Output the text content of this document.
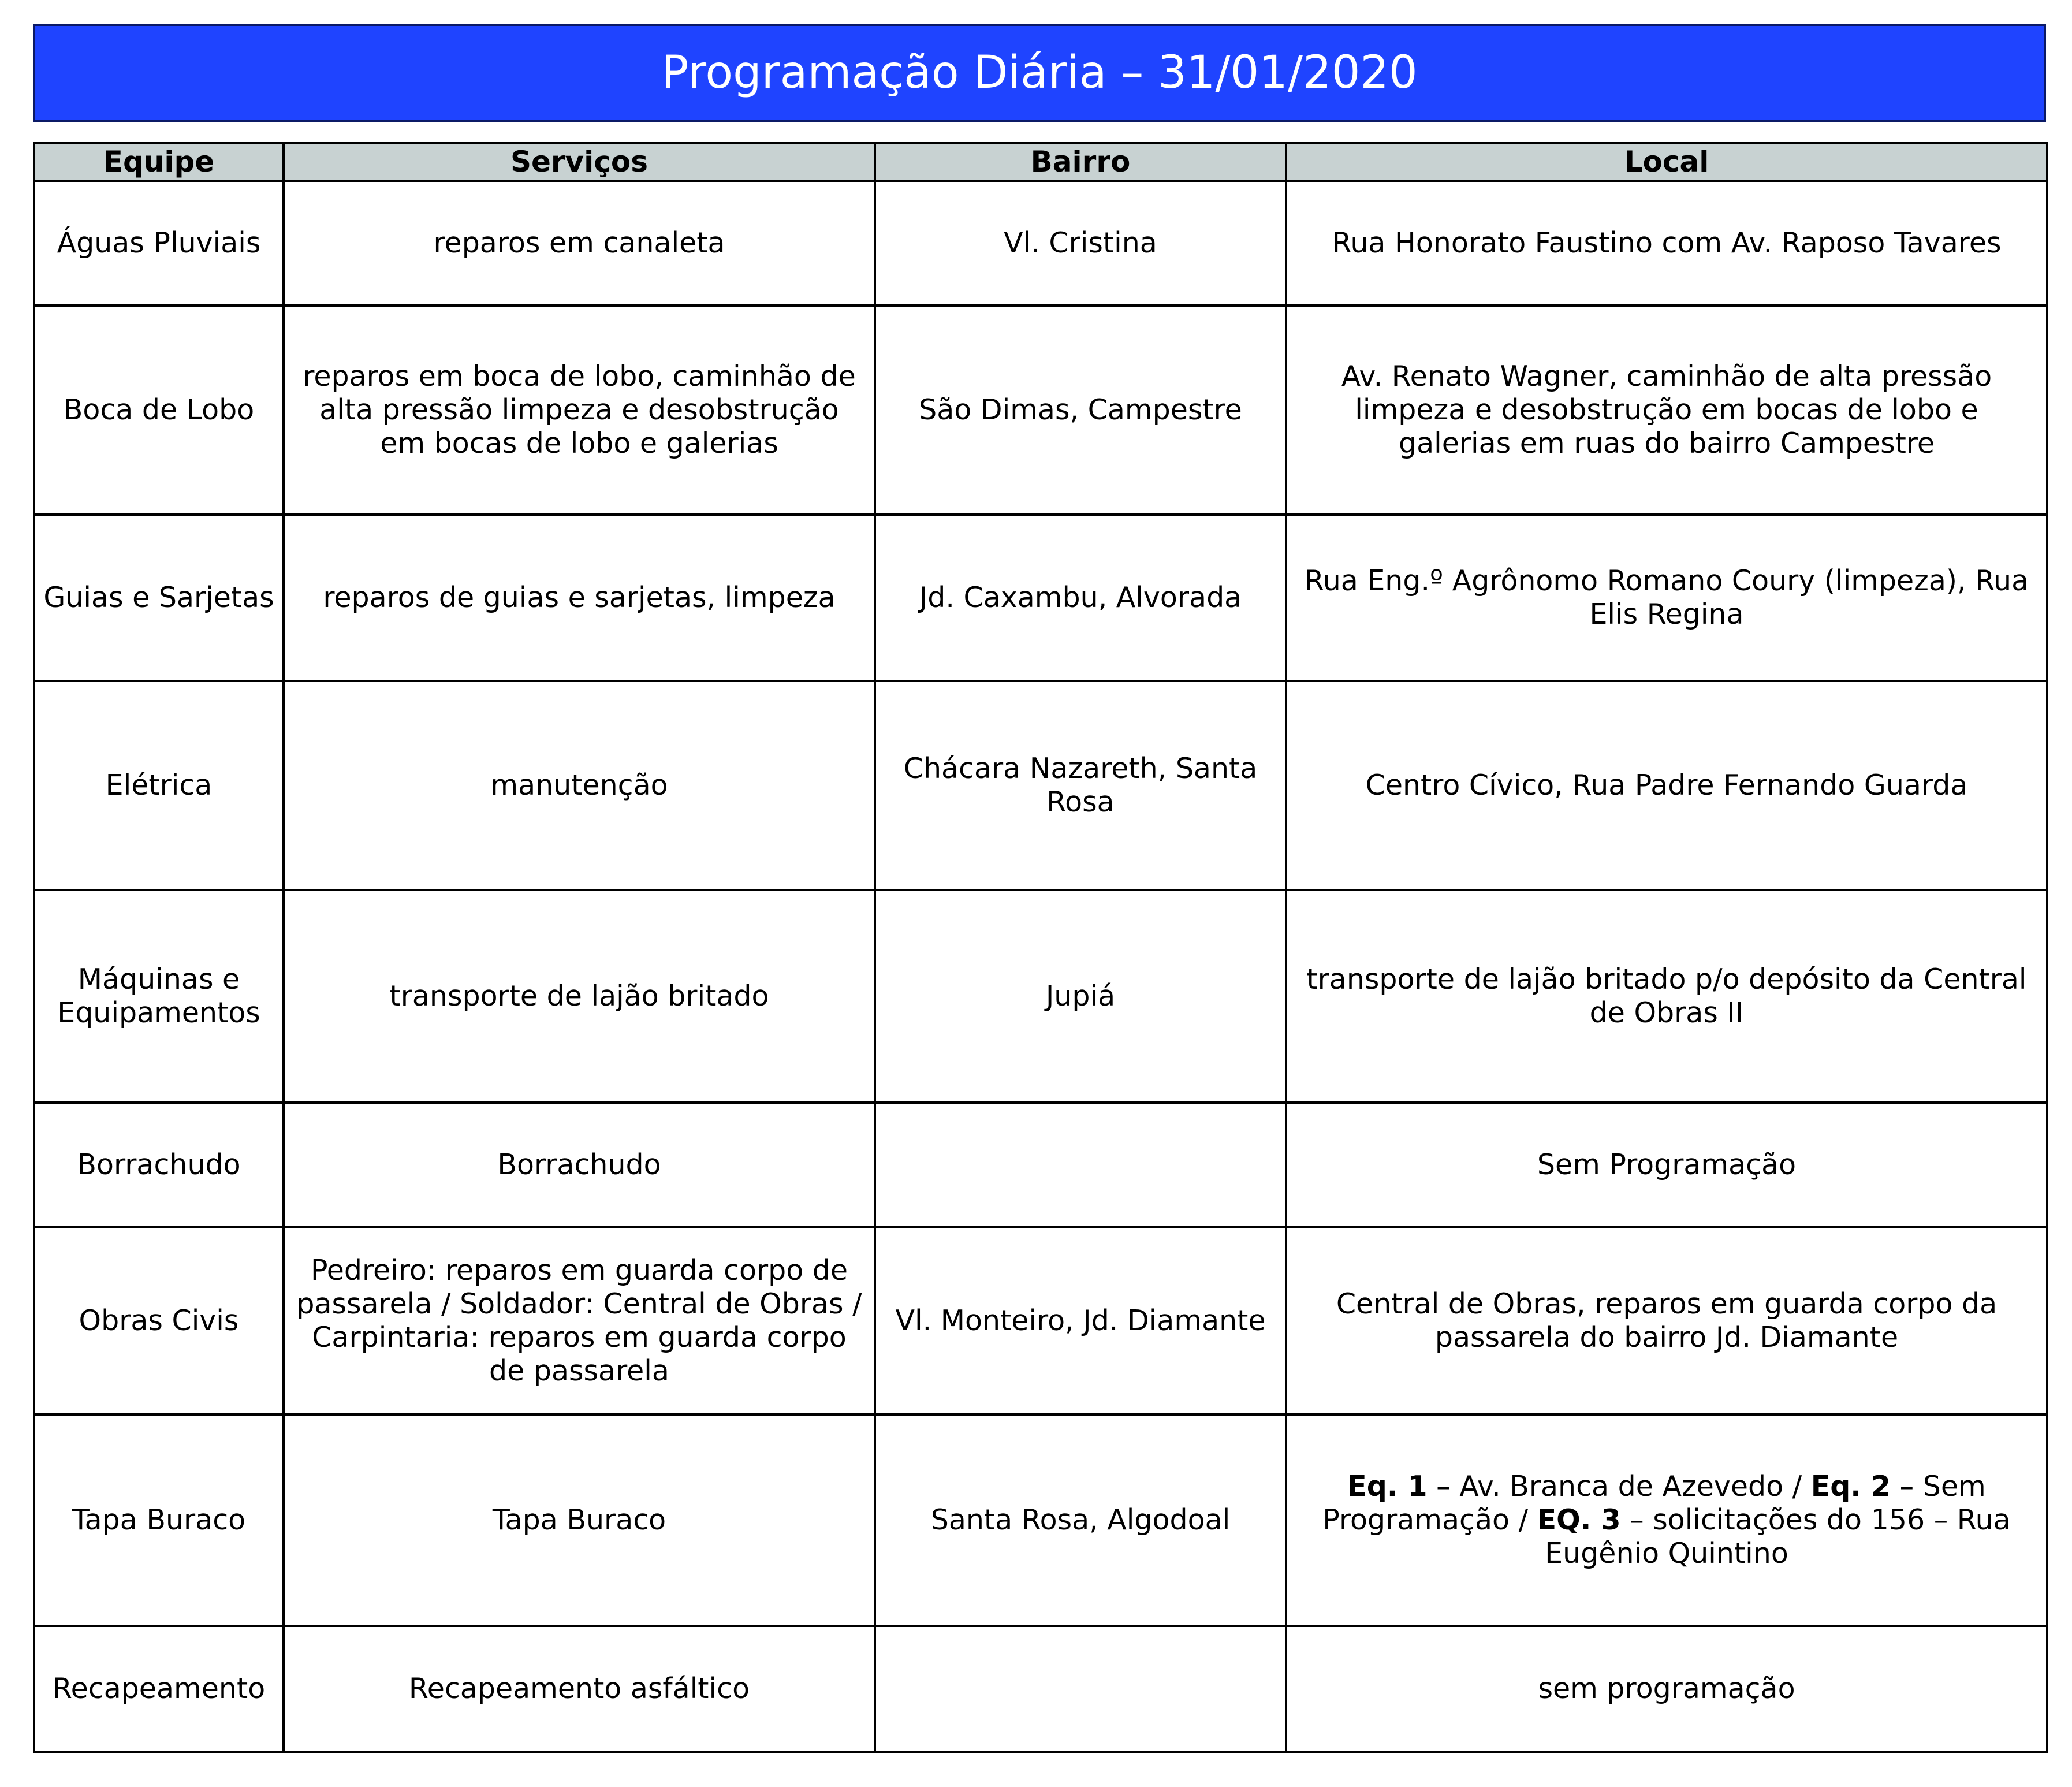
Programação Diária – 31/01/2020
Equipe	Serviços	Bairro	Local
Águas Pluviais	reparos em canaleta	Vl. Cristina	Rua Honorato Faustino com Av. Raposo Tavares
Boca de Lobo	reparos em boca de lobo, caminhão de alta pressão limpeza e desobstrução em bocas de lobo e galerias	São Dimas, Campestre	Av. Renato Wagner, caminhão de alta pressão limpeza e desobstrução em bocas de lobo e galerias em ruas do bairro Campestre
Guias e Sarjetas	reparos de guias e sarjetas, limpeza	Jd. Caxambu, Alvorada	Rua Eng.º Agrônomo Romano Coury (limpeza), Rua Elis Regina
Elétrica	manutenção	Chácara Nazareth, Santa Rosa	Centro Cívico, Rua Padre Fernando Guarda
Máquinas e Equipamentos	transporte de lajão britado	Jupiá	transporte de lajão britado p/o depósito da Central de Obras II
Borrachudo	Borrachudo		Sem Programação
Obras Civis	Pedreiro: reparos em guarda corpo de passarela / Soldador: Central de Obras / Carpintaria: reparos em guarda corpo de passarela	Vl. Monteiro, Jd. Diamante	Central de Obras, reparos em guarda corpo da passarela do bairro Jd. Diamante
Tapa Buraco	Tapa Buraco	Santa Rosa, Algodoal	Eq. 1 – Av. Branca de Azevedo / Eq. 2 – Sem Programação / EQ. 3 – solicitações do 156 – Rua Eugênio Quintino
Recapeamento	Recapeamento asfáltico		sem programação
